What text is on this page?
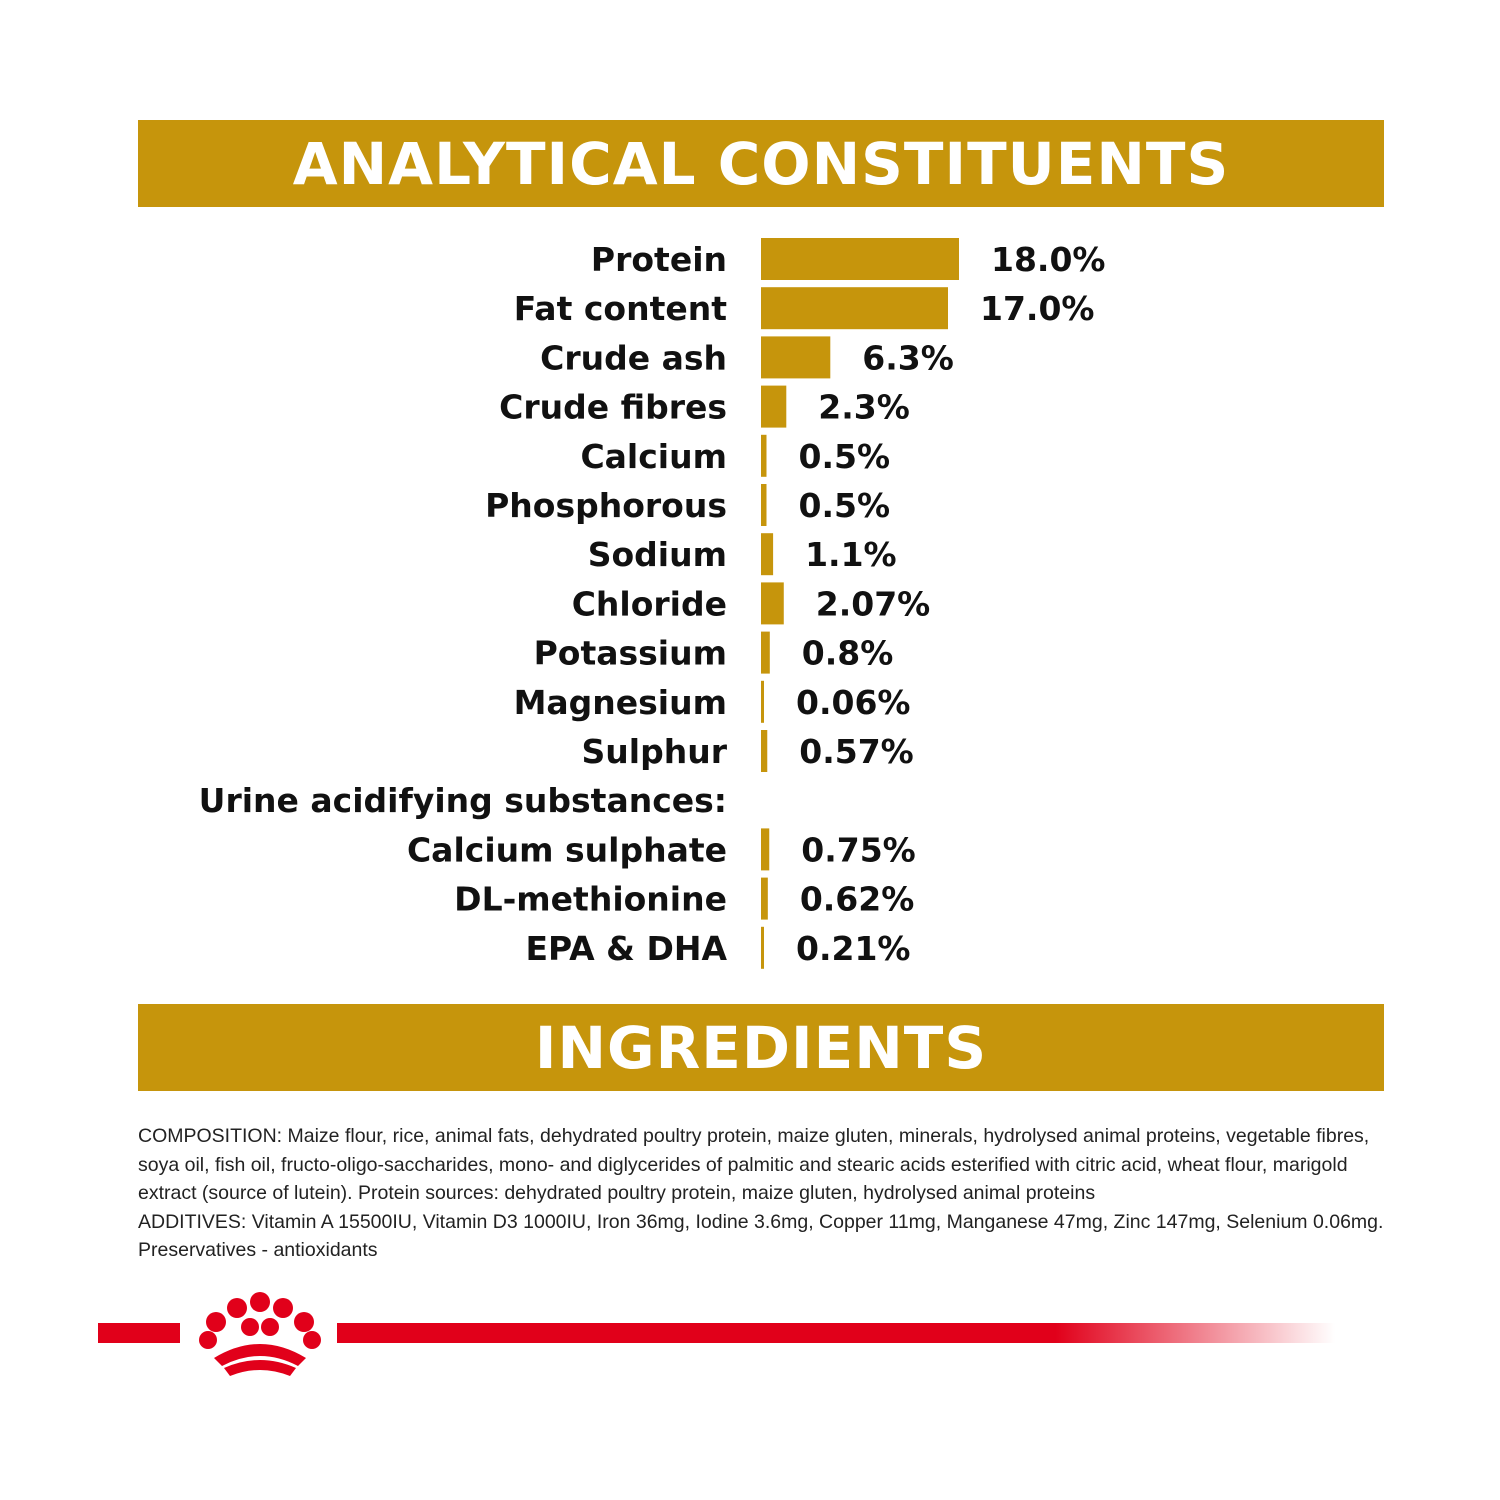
ANALYTICAL CONSTITUENTS
Protein	18.0%
Fat content	17.0%
Crude ash	6.3%
Crude fibres	2.3%
Calcium 0.5%
Phosphorous 0.5%
Sodium 1.1%
Chloride	2.07%
Potassium 0.8%
Magnesium 0.06%
Sulphur 0.57%
Urine acidifying substances:
Calcium sulphate 0.75%
DL-methionine 0.62%
EPA & DHA 0.21%
INGREDIENTS

COMPOSITION: Maize flour, rice, animal fats, dehydrated poultry protein, maize gluten, minerals, hydrolysed animal proteins, vegetable fibres, soya oil, fish oil, fructo-oligo-saccharides, mono- and diglycerides of palmitic and stearic acids esterified with citric acid, wheat flour, marigold extract (source of lutein). Protein sources: dehydrated poultry protein, maize gluten, hydrolysed animal proteins

ADDITIVES: Vitamin A 15500IU, Vitamin D3 1000IU, Iron 36mg, Iodine 3.6mg, Copper 11mg, Manganese 47mg, Zinc 147mg, Selenium 0.06mg. Preservatives - antioxidants
